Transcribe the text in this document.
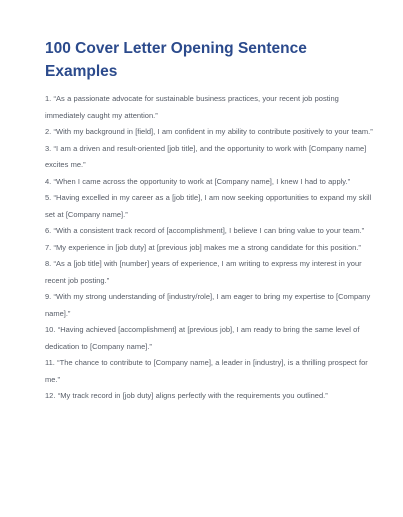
100 Cover Letter Opening Sentence Examples
1. “As a passionate advocate for sustainable business practices, your recent job posting immediately caught my attention.”
2. “With my background in [field], I am confident in my ability to contribute positively to your team.”
3. “I am a driven and result-oriented [job title], and the opportunity to work with [Company name] excites me.”
4. “When I came across the opportunity to work at [Company name], I knew I had to apply.”
5. “Having excelled in my career as a [job title], I am now seeking opportunities to expand my skill set at [Company name].”
6. “With a consistent track record of [accomplishment], I believe I can bring value to your team.”
7. “My experience in [job duty] at [previous job] makes me a strong candidate for this position.”
8. “As a [job title] with [number] years of experience, I am writing to express my interest in your recent job posting.”
9. “With my strong understanding of [industry/role], I am eager to bring my expertise to [Company name].”
10. “Having achieved [accomplishment] at [previous job], I am ready to bring the same level of dedication to [Company name].”
11. “The chance to contribute to [Company name], a leader in [industry], is a thrilling prospect for me.”
12. “My track record in [job duty] aligns perfectly with the requirements you outlined.”
